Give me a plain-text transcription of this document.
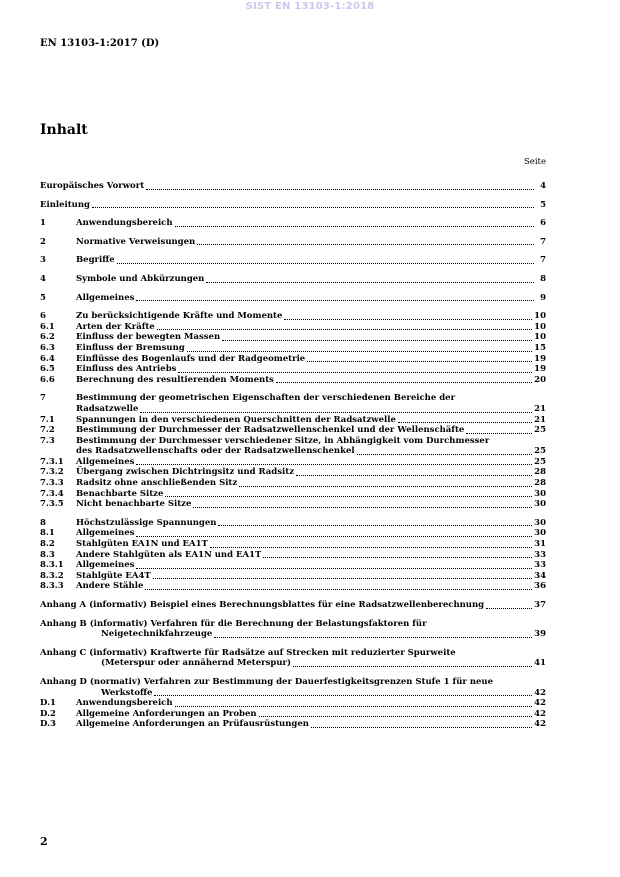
SIST EN 13103-1:2018
EN 13103-1:2017 (D)
Inhalt
Seite
Europäisches Vorwort	4
Einleitung	5
1	Anwendungsbereich	6
2	Normative Verweisungen	7
3	Begriffe	7
4	Symbole und Abkürzungen	8
5	Allgemeines	9
6	Zu berücksichtigende Kräfte und Momente	10
6.1	Arten der Kräfte	10
6.2	Einfluss der bewegten Massen	10
6.3	Einfluss der Bremsung	15
6.4	Einflüsse des Bogenlaufs und der Radgeometrie	19
6.5	Einfluss des Antriebs	19
6.6	Berechnung des resultierenden Moments	20
7	Bestimmung der geometrischen Eigenschaften der verschiedenen Bereiche der
Radsatzwelle	21
7.1	Spannungen in den verschiedenen Querschnitten der Radsatzwelle	21
7.2	Bestimmung der Durchmesser der Radsatzwellenschenkel und der Wellenschäfte	25
7.3	Bestimmung der Durchmesser verschiedener Sitze, in Abhängigkeit vom Durchmesser
des Radsatzwellenschafts oder der Radsatzwellenschenkel	25
7.3.1	Allgemeines	25
7.3.2	Übergang zwischen Dichtringsitz und Radsitz	28
7.3.3	Radsitz ohne anschließenden Sitz	28
7.3.4	Benachbarte Sitze	30
7.3.5	Nicht benachbarte Sitze	30
8	Höchstzulässige Spannungen	30
8.1	Allgemeines	30
8.2	Stahlgüten EA1N und EA1T	31
8.3	Andere Stahlgüten als EA1N und EA1T	33
8.3.1	Allgemeines	33
8.3.2	Stahlgüte EA4T	34
8.3.3	Andere Stähle	36
Anhang A (informativ) Beispiel eines Berechnungsblattes für eine Radsatzwellenberechnung	37
Anhang B (informativ) Verfahren für die Berechnung der Belastungsfaktoren für
Neigetechnikfahrzeuge	39
Anhang C (informativ) Kraftwerte für Radsätze auf Strecken mit reduzierter Spurweite
(Meterspur oder annähernd Meterspur)	41
Anhang D (normativ) Verfahren zur Bestimmung der Dauerfestigkeitsgrenzen Stufe 1 für neue
Werkstoffe	42
D.1	Anwendungsbereich	42
D.2	Allgemeine Anforderungen an Proben	42
D.3	Allgemeine Anforderungen an Prüfausrüstungen	42
2
